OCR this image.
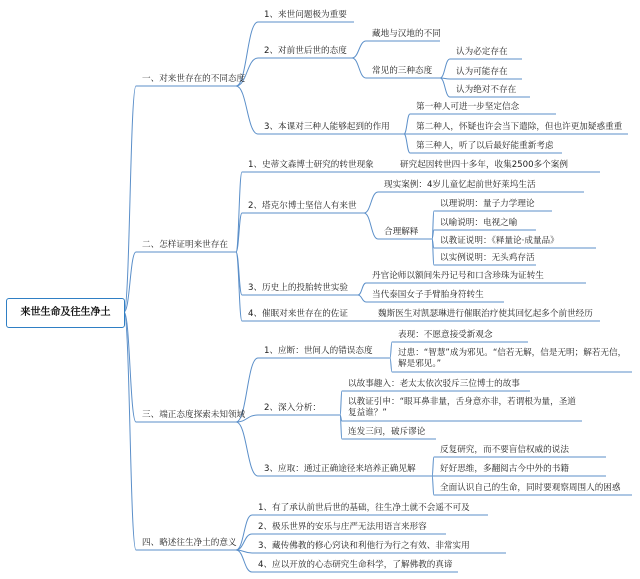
来世生命及往生净土
一、对来世存在的不同态度
二、怎样证明来世存在
三、端正态度探索未知领域
四、略述往生净土的意义
1、来世问题极为重要
2、对前世后世的态度
藏地与汉地的不同
常见的三种态度
认为必定存在
认为可能存在
认为绝对不存在
3、本课对三种人能够起到的作用
第一种人可进一步坚定信念
第二种人，怀疑也许会当下遣除，但也许更加疑惑重重
第三种人，听了以后最好能重新考虑
1、史蒂文森博士研究的转世现象	研究起因转世四十多年，收集2500多个案例
2、塔克尔博士坚信人有来世
现实案例：4岁儿童忆起前世好莱坞生活
合理解释
以理说明：量子力学理论
以喻说明：电视之喻
以教证说明：《释量论·成量品》
以实例说明：无头鸡存活
3、历史上的投胎转世实验
丹官论师以额间朱丹记号和口含珍珠为证转生
当代泰国女子手臂胎身符转生
4、催眠对来世存在的佐证	魏斯医生对凯瑟琳进行催眠治疗使其回忆起多个前世经历
1、应断：世间人的错误态度
表现：不愿意接受新观念
过患：“智慧”成为邪见。“信若无解，信是无明；解若无信，解是邪见。”
2、深入分析：
以故事趣入：老太太依次驳斥三位博士的故事
以教证引申：“眼耳鼻非量，舌身意亦非，若谓根为量，圣道复益谁？”
连发三问，破斥谬论
3、应取：通过正确途径来培养正确见解
反复研究，而不要盲信权威的说法
好好思维，多翻阅古今中外的书籍
全面认识自己的生命，同时要观察周围人的困惑
1、有了承认前世后世的基础，往生净土就不会遥不可及
2、极乐世界的安乐与庄严无法用语言来形容
3、藏传佛教的修心窍诀和利他行为行之有效、非常实用
4、应以开放的心态研究生命科学，了解佛教的真谛
